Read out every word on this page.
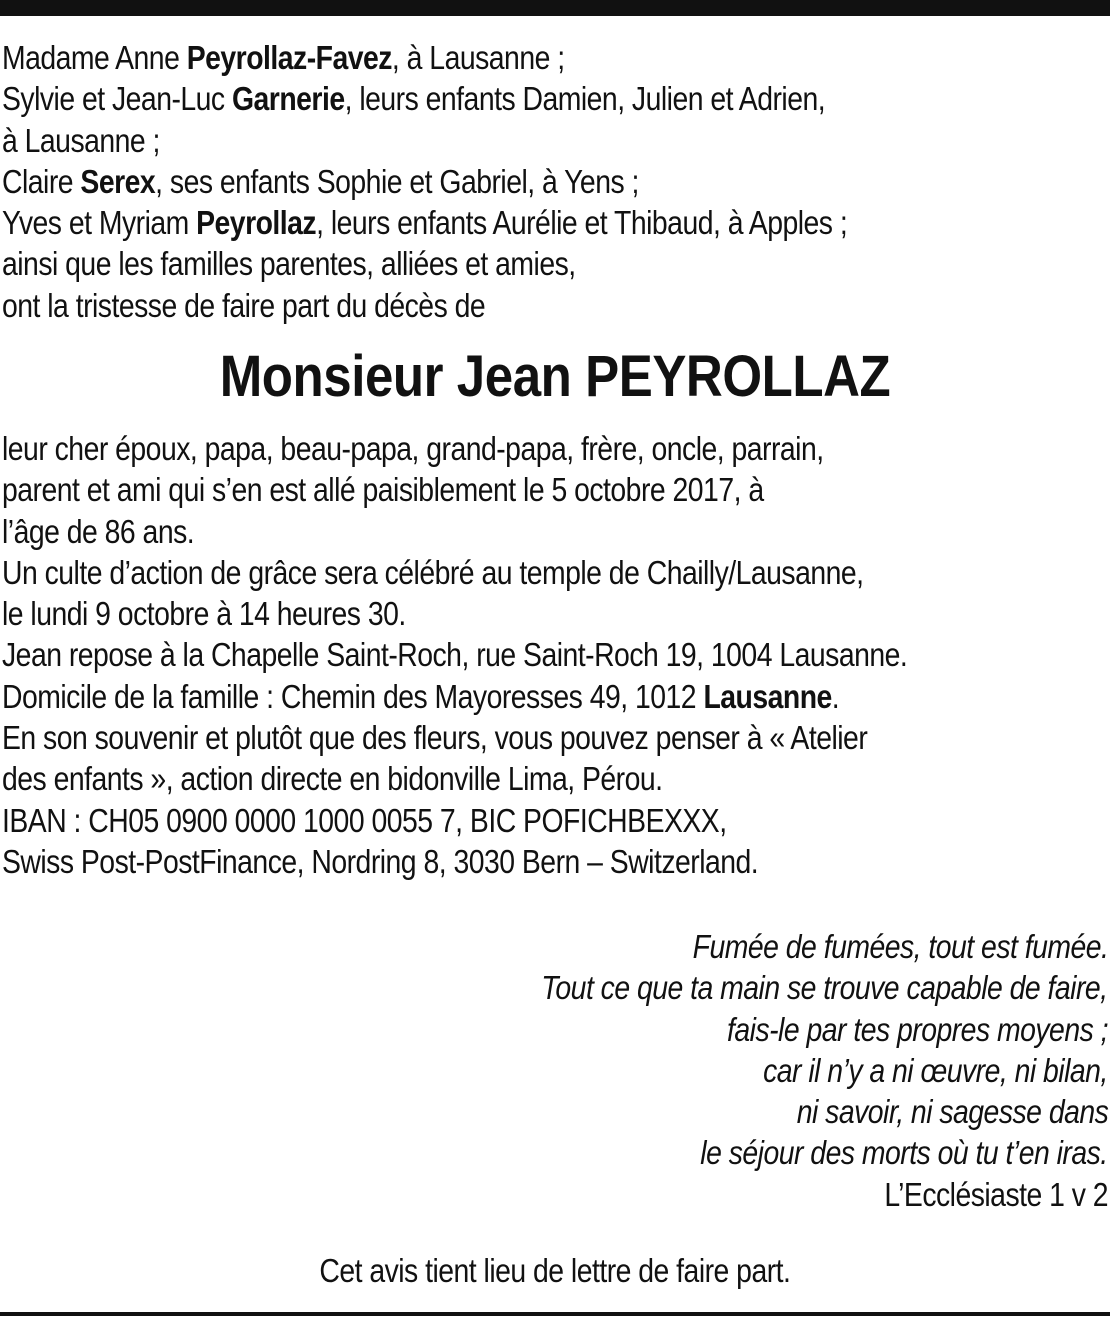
Madame Anne Peyrollaz-Favez, à Lausanne ;

Sylvie et Jean-Luc Garnerie, leurs enfants Damien, Julien et Adrien,

à Lausanne ;

Claire Serex, ses enfants Sophie et Gabriel, à Yens ;

Yves et Myriam Peyrollaz, leurs enfants Aurélie et Thibaud, à Apples ;

ainsi que les familles parentes, alliées et amies,

ont la tristesse de faire part du décès de

Monsieur Jean PEYROLLAZ

leur cher époux, papa, beau-papa, grand-papa, frère, oncle, parrain,

parent et ami qui s’en est allé paisiblement le 5 octobre 2017, à

l’âge de 86 ans.

Un culte d’action de grâce sera célébré au temple de Chailly/Lausanne,

le lundi 9 octobre à 14 heures 30.

Jean repose à la Chapelle Saint-Roch, rue Saint-Roch 19, 1004 Lausanne.

Domicile de la famille : Chemin des Mayoresses 49, 1012 Lausanne.

En son souvenir et plutôt que des fleurs, vous pouvez penser à « Atelier

des enfants », action directe en bidonville Lima, Pérou.

IBAN : CH05 0900 0000 1000 0055 7, BIC POFICHBEXXX,

Swiss Post-PostFinance, Nordring 8, 3030 Bern – Switzerland.

Fumée de fumées, tout est fumée.
Tout ce que ta main se trouve capable de faire,
fais-le par tes propres moyens ;
car il n’y a ni œuvre, ni bilan,
ni savoir, ni sagesse dans
le séjour des morts où tu t’en iras.
L’Ecclésiaste 1 v 2
Cet avis tient lieu de lettre de faire part.
